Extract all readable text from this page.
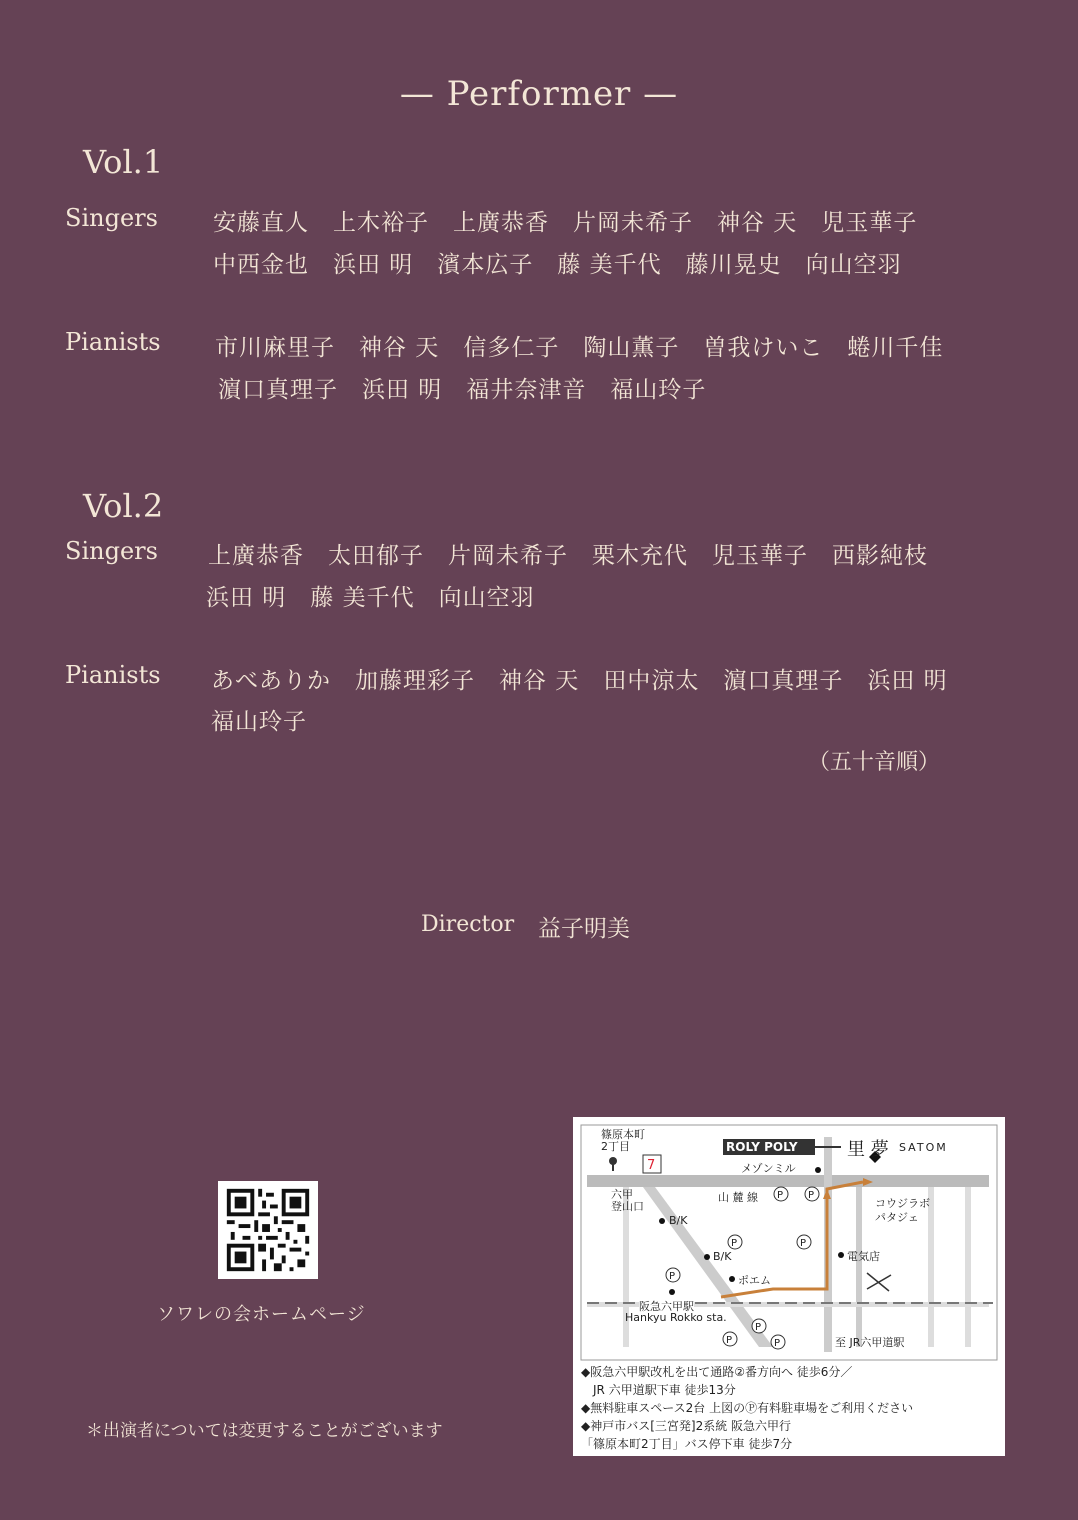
— Performer —
Vol.1
Singers 安藤直人 上木裕子 上廣恭香 片岡未希子 神谷 天 児玉華子
中西金也 浜田 明 濱本広子 藤 美千代 藤川晃史 向山空羽
Pianists 市川麻里子 神谷 天 信多仁子 陶山薫子 曽我けいこ 蜷川千佳
濵口真理子 浜田 明 福井奈津音 福山玲子
Vol.2
Singers 上廣恭香 太田郁子 片岡未希子 栗木充代 児玉華子 西影純枝
浜田 明 藤 美千代 向山空羽
Pianists あべありか 加藤理彩子 神谷 天 田中涼太 濵口真理子 浜田 明
福山玲子
（五十音順）
Director 益子明美
ソワレの会ホームページ
＊出演者については変更することがございます
7
P P
P	P
P
P
P
P
篠原本町
2丁目	ROLY POLY	里 夢 SATOM
メゾンミル
山 麓 線
六甲
登山口	コウジラボ
パタジェ
B/K
B/K
ポエム
電気店
阪急六甲駅
Hankyu Rokko sta.
至 JR六甲道駅
◆阪急六甲駅改札を出て通路②番方向へ 徒歩6分／
　JR 六甲道駅下車 徒歩13分
◆無料駐車スペース2台 上図のⓅ有料駐車場をご利用ください
◆神戸市バス[三宮発]2系統 阪急六甲行
「篠原本町2丁目」バス停下車 徒歩7分
